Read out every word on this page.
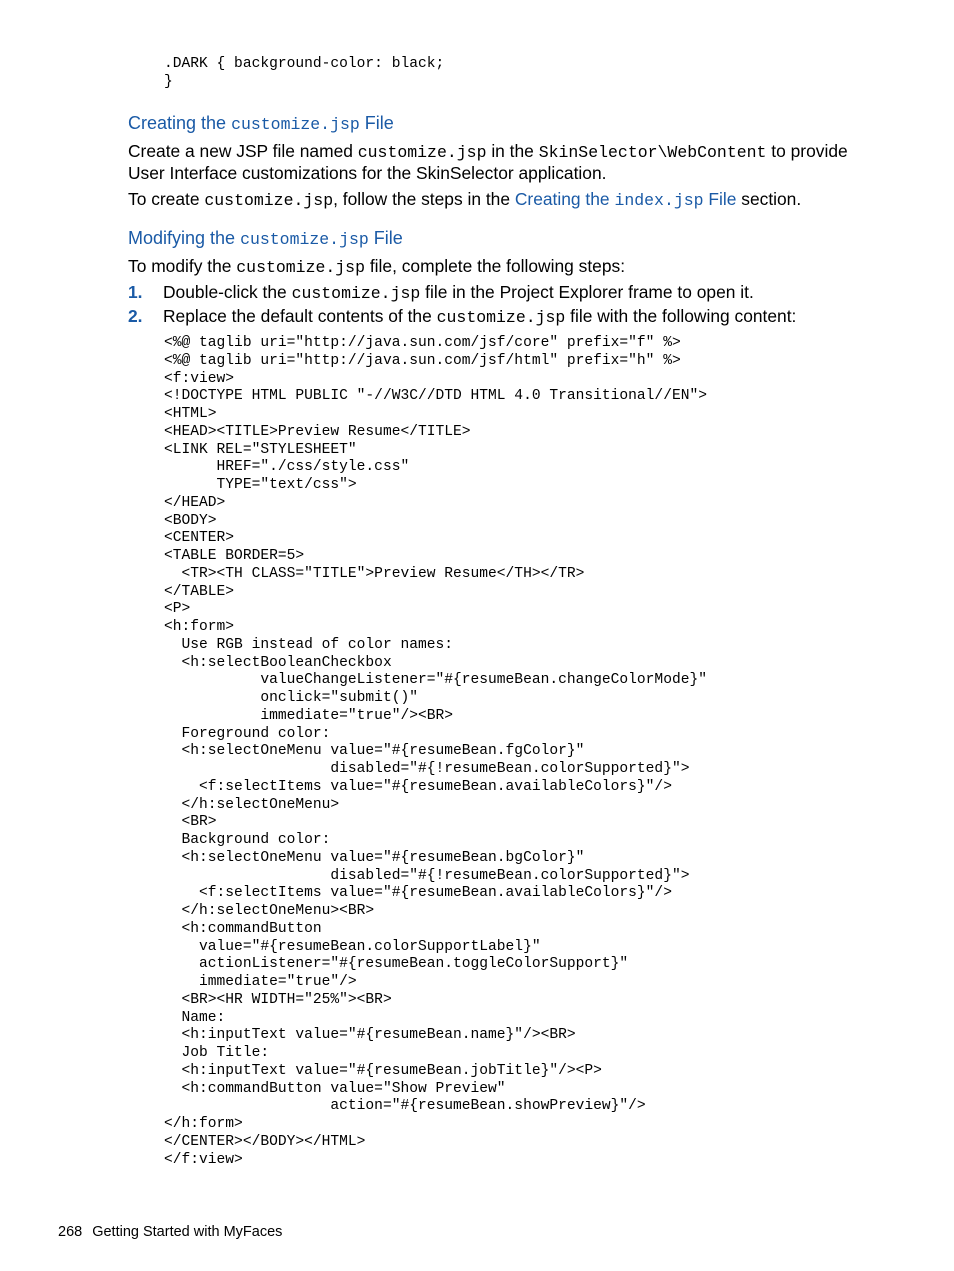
.DARK { background-color: black;
}
Creating the customize.jsp File

Create a new JSP file named customize.jsp in the SkinSelector\WebContent to provide User Interface customizations for the SkinSelector application.

To create customize.jsp, follow the steps in the Creating the index.jsp File section.

Modifying the customize.jsp File

To modify the customize.jsp file, complete the following steps:

1. Double-click the customize.jsp file in the Project Explorer frame to open it.

2. Replace the default contents of the customize.jsp file with the following content:

<%@ taglib uri="http://java.sun.com/jsf/core" prefix="f" %>
<%@ taglib uri="http://java.sun.com/jsf/html" prefix="h" %>
<f:view>
<!DOCTYPE HTML PUBLIC "-//W3C//DTD HTML 4.0 Transitional//EN">
<HTML>
<HEAD><TITLE>Preview Resume</TITLE>
<LINK REL="STYLESHEET"
HREF="./css/style.css"
TYPE="text/css">
</HEAD>
<BODY>
<CENTER>
<TABLE BORDER=5>
<TR><TH CLASS="TITLE">Preview Resume</TH></TR>
</TABLE>
<P>
<h:form>
Use RGB instead of color names:
<h:selectBooleanCheckbox
valueChangeListener="#{resumeBean.changeColorMode}"
onclick="submit()"
immediate="true"/><BR>
Foreground color:
<h:selectOneMenu value="#{resumeBean.fgColor}"
disabled="#{!resumeBean.colorSupported}">
<f:selectItems value="#{resumeBean.availableColors}"/>
</h:selectOneMenu>
<BR>
Background color:
<h:selectOneMenu value="#{resumeBean.bgColor}"
disabled="#{!resumeBean.colorSupported}">
<f:selectItems value="#{resumeBean.availableColors}"/>
</h:selectOneMenu><BR>
<h:commandButton
value="#{resumeBean.colorSupportLabel}"
actionListener="#{resumeBean.toggleColorSupport}"
immediate="true"/>
<BR><HR WIDTH="25%"><BR>
Name:
<h:inputText value="#{resumeBean.name}"/><BR>
Job Title:
<h:inputText value="#{resumeBean.jobTitle}"/><P>
<h:commandButton value="Show Preview"
action="#{resumeBean.showPreview}"/>
</h:form>
</CENTER></BODY></HTML>
</f:view>

268 Getting Started with MyFaces
